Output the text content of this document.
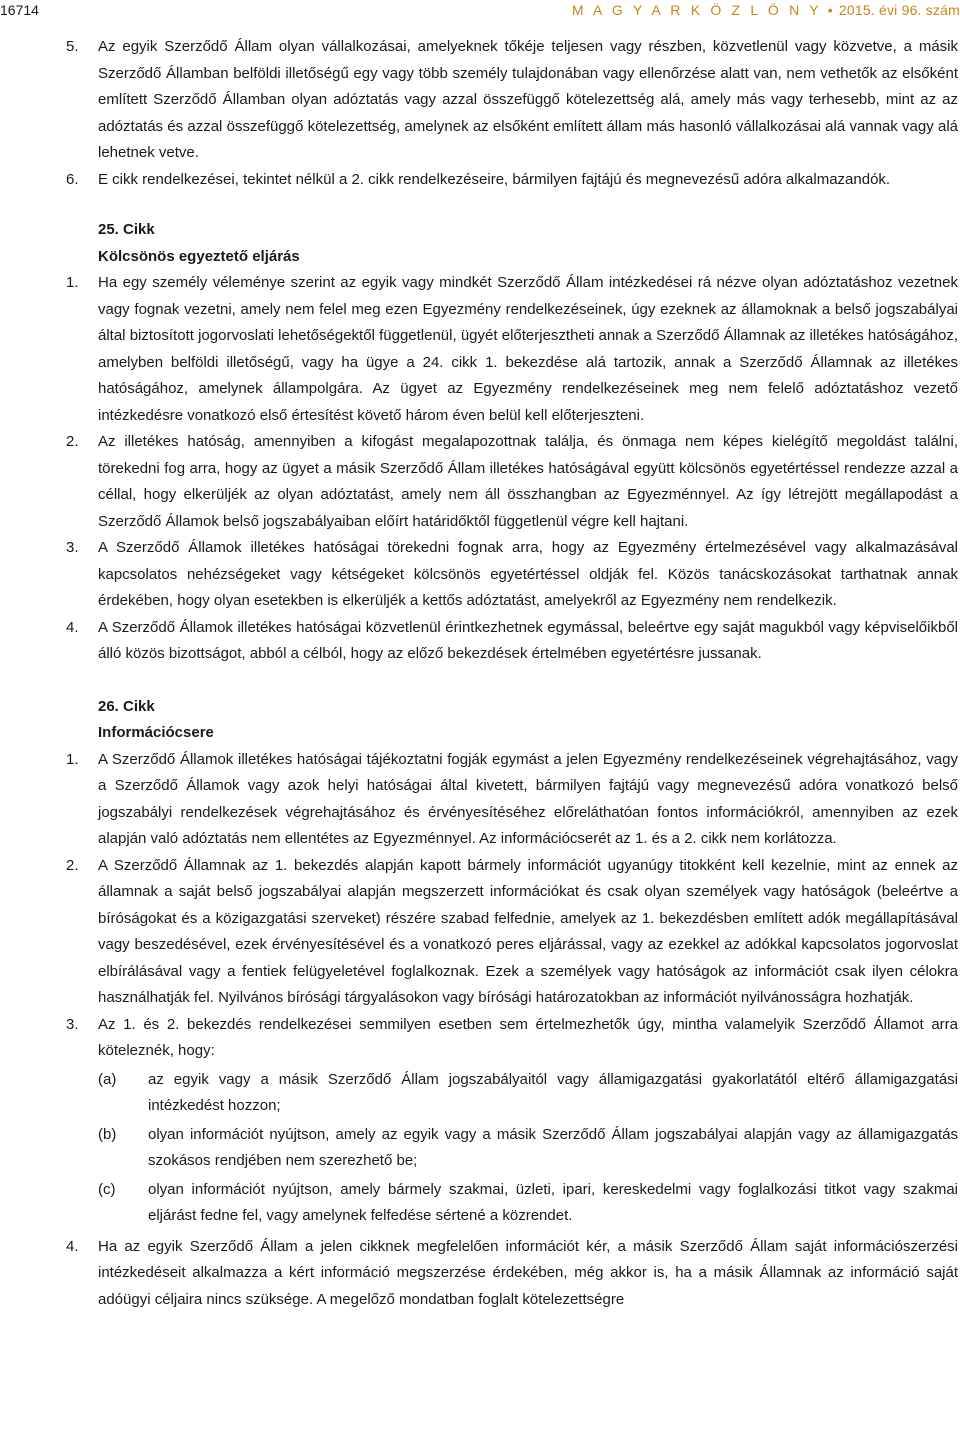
16714	M A G Y A R K Ö Z L Ö N Y • 2015. évi 96. szám
5. Az egyik Szerződő Állam olyan vállalkozásai, amelyeknek tőkéje teljesen vagy részben, közvetlenül vagy közvetve, a másik Szerződő Államban belföldi illetőségű egy vagy több személy tulajdonában vagy ellenőrzése alatt van, nem vethetők az elsőként említett Szerződő Államban olyan adóztatás vagy azzal összefüggő kötelezettség alá, amely más vagy terhesebb, mint az az adóztatás és azzal összefüggő kötelezettség, amelynek az elsőként említett állam más hasonló vállalkozásai alá vannak vagy alá lehetnek vetve.
6. E cikk rendelkezései, tekintet nélkül a 2. cikk rendelkezéseire, bármilyen fajtájú és megnevezésű adóra alkalmazandók.
25. Cikk
Kölcsönös egyeztető eljárás
1. Ha egy személy véleménye szerint az egyik vagy mindkét Szerződő Állam intézkedései rá nézve olyan adóztatáshoz vezetnek vagy fognak vezetni, amely nem felel meg ezen Egyezmény rendelkezéseinek, úgy ezeknek az államoknak a belső jogszabályai által biztosított jogorvoslati lehetőségektől függetlenül, ügyét előterjesztheti annak a Szerződő Államnak az illetékes hatóságához, amelyben belföldi illetőségű, vagy ha ügye a 24. cikk 1. bekezdése alá tartozik, annak a Szerződő Államnak az illetékes hatóságához, amelynek állampolgára. Az ügyet az Egyezmény rendelkezéseinek meg nem felelő adóztatáshoz vezető intézkedésre vonatkozó első értesítést követő három éven belül kell előterjeszteni.
2. Az illetékes hatóság, amennyiben a kifogást megalapozottnak találja, és önmaga nem képes kielégítő megoldást találni, törekedni fog arra, hogy az ügyet a másik Szerződő Állam illetékes hatóságával együtt kölcsönös egyetértéssel rendezze azzal a céllal, hogy elkerüljék az olyan adóztatást, amely nem áll összhangban az Egyezménnyel. Az így létrejött megállapodást a Szerződő Államok belső jogszabályaiban előírt határidőktől függetlenül végre kell hajtani.
3. A Szerződő Államok illetékes hatóságai törekedni fognak arra, hogy az Egyezmény értelmezésével vagy alkalmazásával kapcsolatos nehézségeket vagy kétségeket kölcsönös egyetértéssel oldják fel. Közös tanácskozásokat tarthatnak annak érdekében, hogy olyan esetekben is elkerüljék a kettős adóztatást, amelyekről az Egyezmény nem rendelkezik.
4. A Szerződő Államok illetékes hatóságai közvetlenül érintkezhetnek egymással, beleértve egy saját magukból vagy képviselőikből álló közös bizottságot, abból a célból, hogy az előző bekezdések értelmében egyetértésre jussanak.
26. Cikk
Információcsere
1. A Szerződő Államok illetékes hatóságai tájékoztatni fogják egymást a jelen Egyezmény rendelkezéseinek végrehajtásához, vagy a Szerződő Államok vagy azok helyi hatóságai által kivetett, bármilyen fajtájú vagy megnevezésű adóra vonatkozó belső jogszabályi rendelkezések végrehajtásához és érvényesítéséhez előreláthatóan fontos információkról, amennyiben az ezek alapján való adóztatás nem ellentétes az Egyezménnyel. Az információcserét az 1. és a 2. cikk nem korlátozza.
2. A Szerződő Államnak az 1. bekezdés alapján kapott bármely információt ugyanúgy titokként kell kezelnie, mint az ennek az államnak a saját belső jogszabályai alapján megszerzett információkat és csak olyan személyek vagy hatóságok (beleértve a bíróságokat és a közigazgatási szerveket) részére szabad felfednie, amelyek az 1. bekezdésben említett adók megállapításával vagy beszedésével, ezek érvényesítésével és a vonatkozó peres eljárással, vagy az ezekkel az adókkal kapcsolatos jogorvoslat elbírálásával vagy a fentiek felügyeletével foglalkoznak. Ezek a személyek vagy hatóságok az információt csak ilyen célokra használhatják fel. Nyilvános bírósági tárgyalásokon vagy bírósági határozatokban az információt nyilvánosságra hozhatják.
3. Az 1. és 2. bekezdés rendelkezései semmilyen esetben sem értelmezhetők úgy, mintha valamelyik Szerződő Államot arra köteleznék, hogy:
(a) az egyik vagy a másik Szerződő Állam jogszabályaitól vagy államigazgatási gyakorlatától eltérő államigazgatási intézkedést hozzon;
(b) olyan információt nyújtson, amely az egyik vagy a másik Szerződő Állam jogszabályai alapján vagy az államigazgatás szokásos rendjében nem szerezhető be;
(c) olyan információt nyújtson, amely bármely szakmai, üzleti, ipari, kereskedelmi vagy foglalkozási titkot vagy szakmai eljárást fedne fel, vagy amelynek felfedése sértené a közrendet.
4. Ha az egyik Szerződő Állam a jelen cikknek megfelelően információt kér, a másik Szerződő Állam saját információszerzési intézkedéseit alkalmazza a kért információ megszerzése érdekében, még akkor is, ha a másik Államnak az információ saját adóügyi céljaira nincs szüksége. A megelőző mondatban foglalt kötelezettségre
